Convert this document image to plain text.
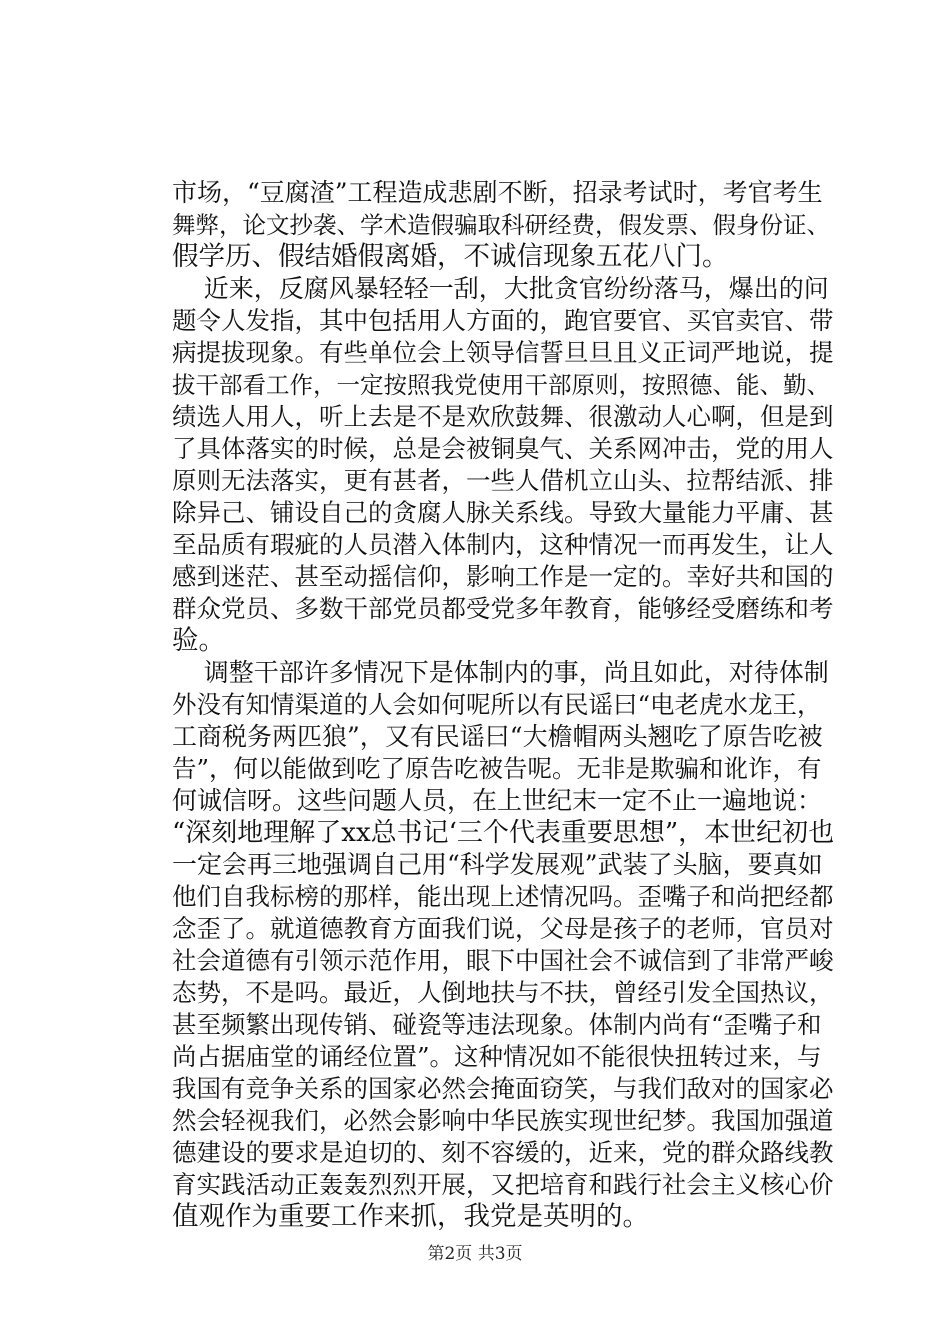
市场，“豆腐渣”工程造成悲剧不断，招录考试时，考官考生
舞弊，论文抄袭、学术造假骗取科研经费，假发票、假身份证、
假学历、假结婚假离婚，不诚信现象五花八门。
近来，反腐风暴轻轻一刮，大批贪官纷纷落马，爆出的问
题令人发指，其中包括用人方面的，跑官要官、买官卖官、带
病提拔现象。有些单位会上领导信誓旦旦且义正词严地说，提
拔干部看工作，一定按照我党使用干部原则，按照德、能、勤、
绩选人用人，听上去是不是欢欣鼓舞、很激动人心啊，但是到
了具体落实的时候，总是会被铜臭气、关系网冲击，党的用人
原则无法落实，更有甚者，一些人借机立山头、拉帮结派、排
除异己、铺设自己的贪腐人脉关系线。导致大量能力平庸、甚
至品质有瑕疵的人员潜入体制内，这种情况一而再发生，让人
感到迷茫、甚至动摇信仰，影响工作是一定的。幸好共和国的
群众党员、多数干部党员都受党多年教育，能够经受磨练和考
验。
调整干部许多情况下是体制内的事，尚且如此，对待体制
外没有知情渠道的人会如何呢所以有民谣曰“电老虎水龙王，
工商税务两匹狼”，又有民谣曰“大檐帽两头翘吃了原告吃被
告”，何以能做到吃了原告吃被告呢。无非是欺骗和讹诈，有
何诚信呀。这些问题人员，在上世纪末一定不止一遍地说：
“深刻地理解了xx总书记‘三个代表重要思想”，本世纪初也
一定会再三地强调自己用“科学发展观”武装了头脑，要真如
他们自我标榜的那样，能出现上述情况吗。歪嘴子和尚把经都
念歪了。就道德教育方面我们说，父母是孩子的老师，官员对
社会道德有引领示范作用，眼下中国社会不诚信到了非常严峻
态势，不是吗。最近，人倒地扶与不扶，曾经引发全国热议，
甚至频繁出现传销、碰瓷等违法现象。体制内尚有“歪嘴子和
尚占据庙堂的诵经位置”。这种情况如不能很快扭转过来，与
我国有竞争关系的国家必然会掩面窃笑，与我们敌对的国家必
然会轻视我们，必然会影响中华民族实现世纪梦。我国加强道
德建设的要求是迫切的、刻不容缓的，近来，党的群众路线教
育实践活动正轰轰烈烈开展，又把培育和践行社会主义核心价
值观作为重要工作来抓，我党是英明的。
第2页 共3页
